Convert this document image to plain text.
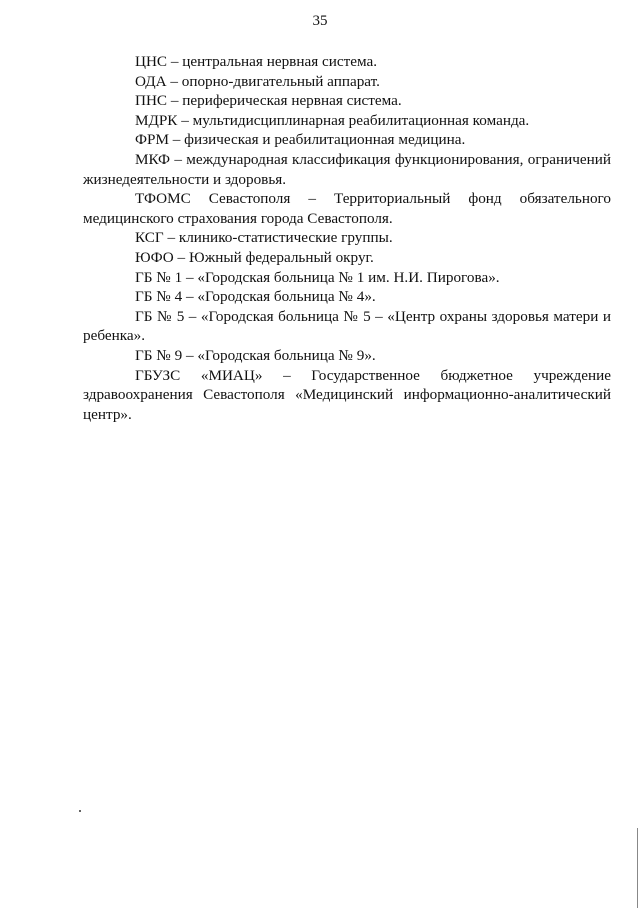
35

ЦНС – центральная нервная система.

ОДА – опорно-двигательный аппарат.

ПНС – периферическая нервная система.

МДРК – мультидисциплинарная реабилитационная команда.

ФРМ – физическая и реабилитационная медицина.

МКФ – международная классификация функционирования, ограничений жизнедеятельности и здоровья.

ТФОМС Севастополя – Территориальный фонд обязательного медицинского страхования города Севастополя.

КСГ – клинико-статистические группы.

ЮФО – Южный федеральный округ.

ГБ № 1 – «Городская больница № 1 им. Н.И. Пирогова».

ГБ № 4 – «Городская больница № 4».

ГБ № 5 – «Городская больница № 5 – «Центр охраны здоровья матери и ребенка».

ГБ № 9 – «Городская больница № 9».

ГБУЗС «МИАЦ» – Государственное бюджетное учреждение здравоохранения Севастополя «Медицинский информационно-аналитический центр».
